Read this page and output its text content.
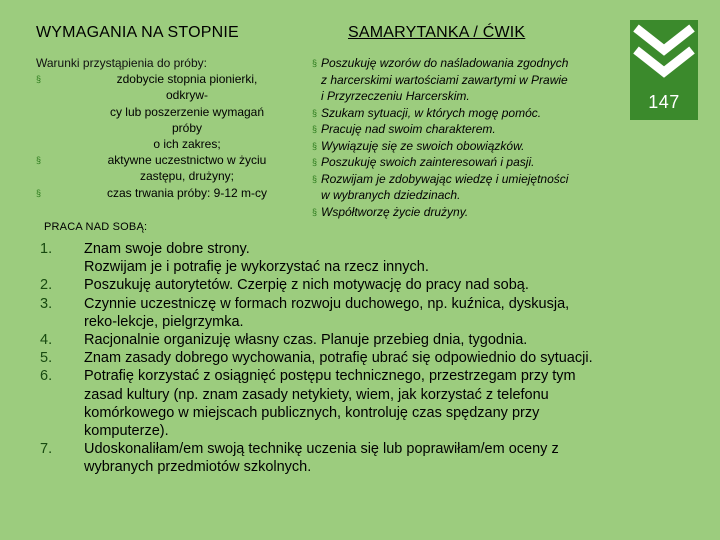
WYMAGANIA NA STOPNIE	SAMARYTANKA / ĆWIK
147
Warunki przystąpienia do próby:
§	zdobycie stopnia pionierki,
odkryw-
cy lub poszerzenie wymagań
próby
o ich zakres;
§	aktywne uczestnictwo w życiu
zastępu, drużyny;
§	czas trwania próby: 9-12 m-cy
§ Poszukuję wzorów do naśladowania zgodnych
z harcerskimi wartościami zawartymi w Prawie
i Przyrzeczeniu Harcerskim.
§ Szukam sytuacji, w których mogę pomóc.
§ Pracuję nad swoim charakterem.
§ Wywiązuję się ze swoich obowiązków.
§ Poszukuję swoich zainteresowań i pasji.
§ Rozwijam je zdobywając wiedzę i umiejętności
w wybranych dziedzinach.
§ Współtworzę życie drużyny.
PRACA NAD SOBĄ:
1. Znam swoje dobre strony.
Rozwijam je i potrafię je wykorzystać na rzecz innych.
2. Poszukuję autorytetów. Czerpię z nich motywację do pracy nad sobą.
3. Czynnie uczestniczę w formach rozwoju duchowego, np. kuźnica, dyskusja,
reko-lekcje, pielgrzymka.
4. Racjonalnie organizuję własny czas. Planuje przebieg dnia, tygodnia.
5. Znam zasady dobrego wychowania, potrafię ubrać się odpowiednio do sytuacji.
6. Potrafię korzystać z osiągnięć postępu technicznego, przestrzegam przy tym
zasad kultury (np. znam zasady netykiety, wiem, jak korzystać z telefonu
komórkowego w miejscach publicznych, kontroluję czas spędzany przy
komputerze).
7. Udoskonaliłam/em swoją technikę uczenia się lub poprawiłam/em oceny z
wybranych przedmiotów szkolnych.
